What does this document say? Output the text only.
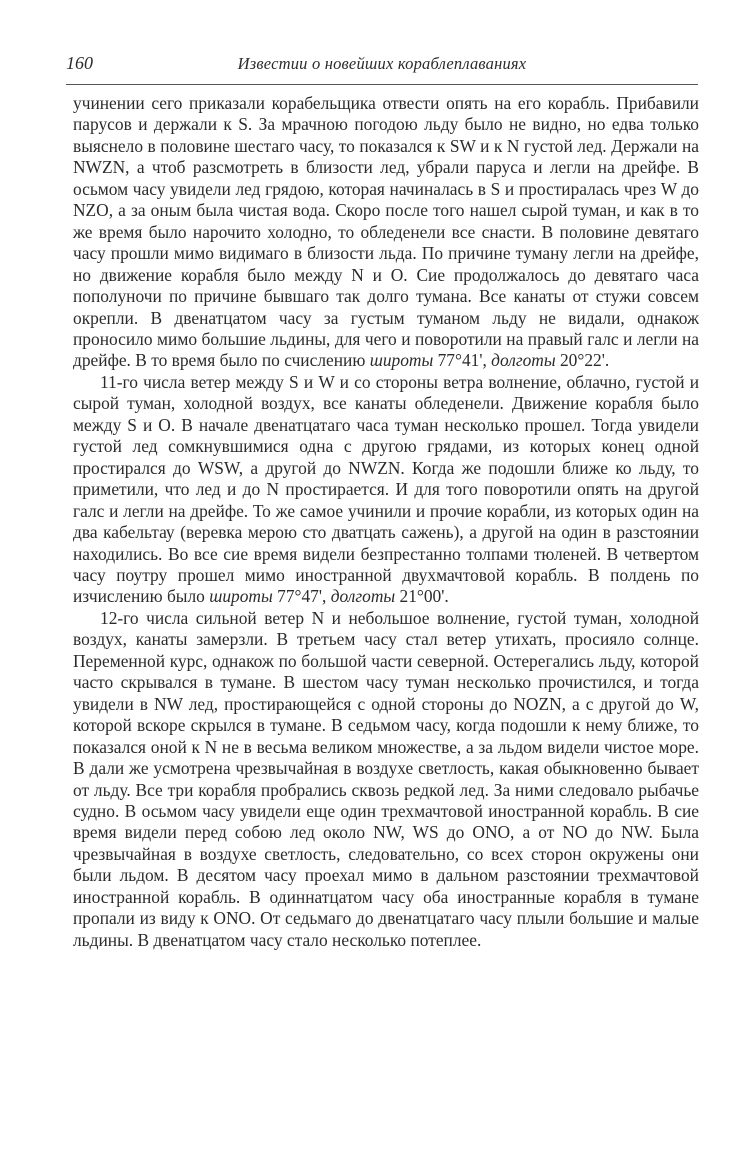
160	Известии о новейших кораблеплаваниях

учинении сего приказали корабельщика отвести опять на его корабль. Прибавили парусов и держали к S. За мрачною погодою льду было не видно, но едва только выяснело в половине шестаго часу, то показался к SW и к N густой лед. Держали на NWZN, а чтоб разсмотреть в близости лед, убрали паруса и легли на дрейфе. В осьмом часу увидели лед грядою, которая начиналась в S и простиралась чрез W до NZO, а за оным была чистая вода. Скоро после того нашел сырой туман, и как в то же время было нарочито холодно, то обледенели все снасти. В половине девятаго часу прошли мимо видимаго в близости льда. По причине туману легли на дрейфе, но движение корабля было между N и О. Сие продолжалось до девятаго часа пополуночи по причине бывшаго так долго тумана. Все канаты от стужи совсем окрепли. В двенатцатом часу за густым туманом льду не видали, однакож проносило мимо большие льдины, для чего и поворотили на правый галс и легли на дрейфе. В то время было по счислению широты 77°41', долготы 20°22'.

11-го числа ветер между S и W и со стороны ветра волнение, облачно, густой и сырой туман, холодной воздух, все канаты обледенели. Движение корабля было между S и О. В начале двенатцатаго часа туман несколько прошел. Тогда увидели густой лед сомкнувшимися одна с другою грядами, из которых конец одной простирался до WSW, а другой до NWZN. Когда же подошли ближе ко льду, то приметили, что лед и до N простирается. И для того поворотили опять на другой галс и легли на дрейфе. То же самое учинили и прочие корабли, из которых один на два кабельтау (веревка мерою сто дватцать сажень), а другой на один в разстоянии находились. Во все сие время видели безпрестанно толпами тюленей. В четвертом часу поутру прошел мимо иностранной двухмачтовой корабль. В полдень по изчислению было широты 77°47', долготы 21°00'.

12-го числа сильной ветер N и небольшое волнение, густой туман, холодной воздух, канаты замерзли. В третьем часу стал ветер утихать, просияло солнце. Переменной курс, однакож по большой части северной. Остерегались льду, которой часто скрывался в тумане. В шестом часу туман несколько прочистился, и тогда увидели в NW лед, простирающейся с одной стороны до NOZN, а с другой до W, которой вскоре скрылся в тумане. В седьмом часу, когда подошли к нему ближе, то показался оной к N не в весьма великом множестве, а за льдом видели чистое море. В дали же усмотрена чрезвычайная в воздухе светлость, какая обыкновенно бывает от льду. Все три корабля пробрались сквозь редкой лед. За ними следовало рыбачье судно. В осьмом часу увидели еще один трехмачтовой иностранной корабль. В сие время видели перед собою лед около NW, WS до ONO, а от NO до NW. Была чрезвычайная в воздухе светлость, следовательно, со всех сторон окружены они были льдом. В десятом часу проехал мимо в дальном разстоянии трехмачтовой иностранной корабль. В одиннатцатом часу оба иностранные корабля в тумане пропали из виду к ONO. От седьмаго до двенатцатаго часу плыли большие и малые льдины. В двенатцатом часу стало несколько потеплее.
